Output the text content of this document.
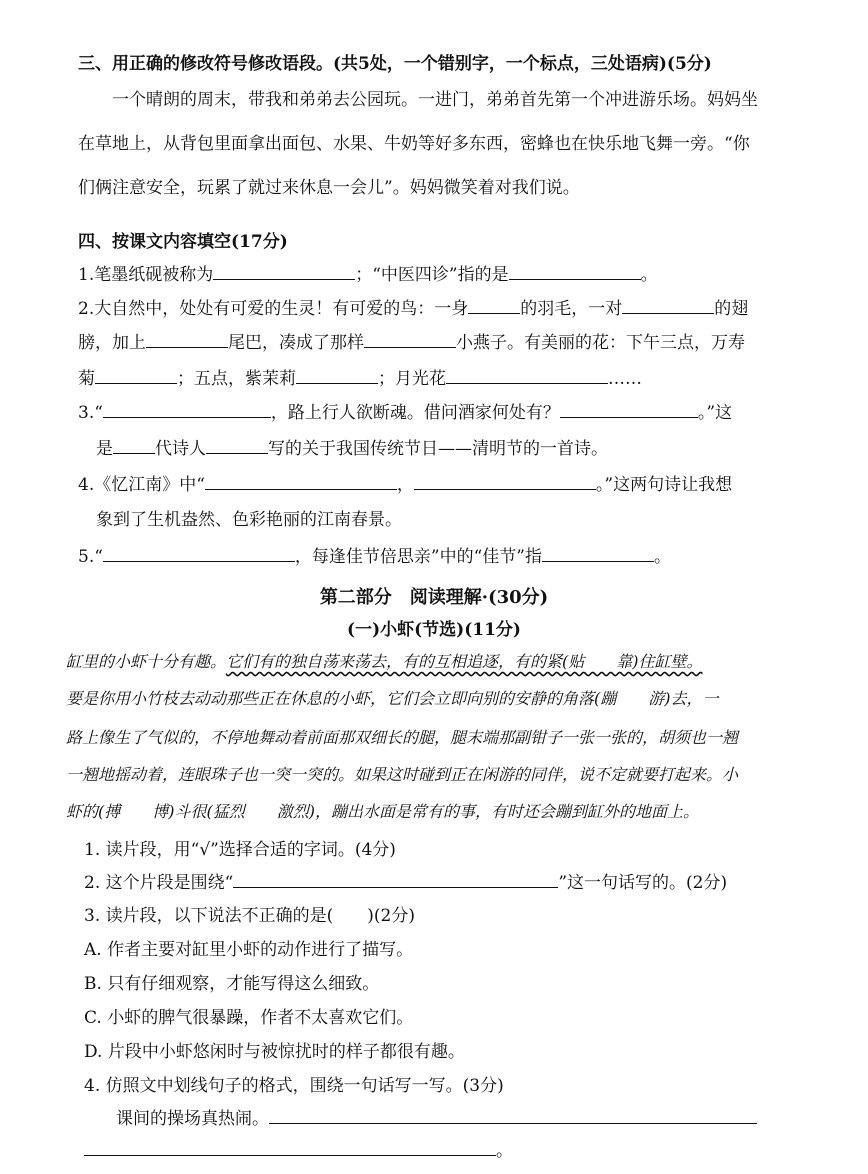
三、用正确的修改符号修改语段。(共5处，一个错别字，一个标点，三处语病)(5分)
一个晴朗的周末，带我和弟弟去公园玩。一进门，弟弟首先第一个冲进游乐场。妈妈坐
在草地上，从背包里面拿出面包、水果、牛奶等好多东西，密蜂也在快乐地飞舞一旁。“你
们俩注意安全，玩累了就过来休息一会儿”。妈妈微笑着对我们说。
四、按课文内容填空(17分)
1.笔墨纸砚被称为	；“中医四诊”指的是	。
2.大自然中，处处有可爱的生灵！有可爱的鸟：一身	的羽毛，一对	的翅
膀，加上	尾巴，凑成了那样	小燕子。有美丽的花：下午三点，万寿
菊	；五点，紫茉莉	；月光花	……
3.“	，路上行人欲断魂。借问酒家何处有？	。”这
是 代诗人	写的关于我国传统节日——清明节的一首诗。
4.《忆江南》中“	，	。”这两句诗让我想
象到了生机盎然、色彩艳丽的江南春景。
5.“	，每逢佳节倍思亲”中的“佳节”指	。
第二部分　阅读理解·(30分)
(一)小虾(节选)(11分)
缸里的小虾十分有趣。它们有的独自荡来荡去，有的互相追逐，有的紧(贴　　靠)住缸壁。
要是你用小竹枝去动动那些正在休息的小虾，它们会立即向别的安静的角落(蹦　　游)去，一
路上像生了气似的，不停地舞动着前面那双细长的腿，腿末端那副钳子一张一张的，胡须也一翘
一翘地摇动着，连眼珠子也一突一突的。如果这时碰到正在闲游的同伴，说不定就要打起来。小
虾的(搏　　博)斗很(猛烈　　激烈)，蹦出水面是常有的事，有时还会蹦到缸外的地面上。
1. 读片段，用“√”选择合适的字词。(4分)
2. 这个片段是围绕“	”这一句话写的。(2分)
3. 读片段，以下说法不正确的是(　　)(2分)
A. 作者主要对缸里小虾的动作进行了描写。
B. 只有仔细观察，才能写得这么细致。
C. 小虾的脾气很暴躁，作者不太喜欢它们。
D. 片段中小虾悠闲时与被惊扰时的样子都很有趣。
4. 仿照文中划线句子的格式，围绕一句话写一写。(3分)
课间的操场真热闹。
。
